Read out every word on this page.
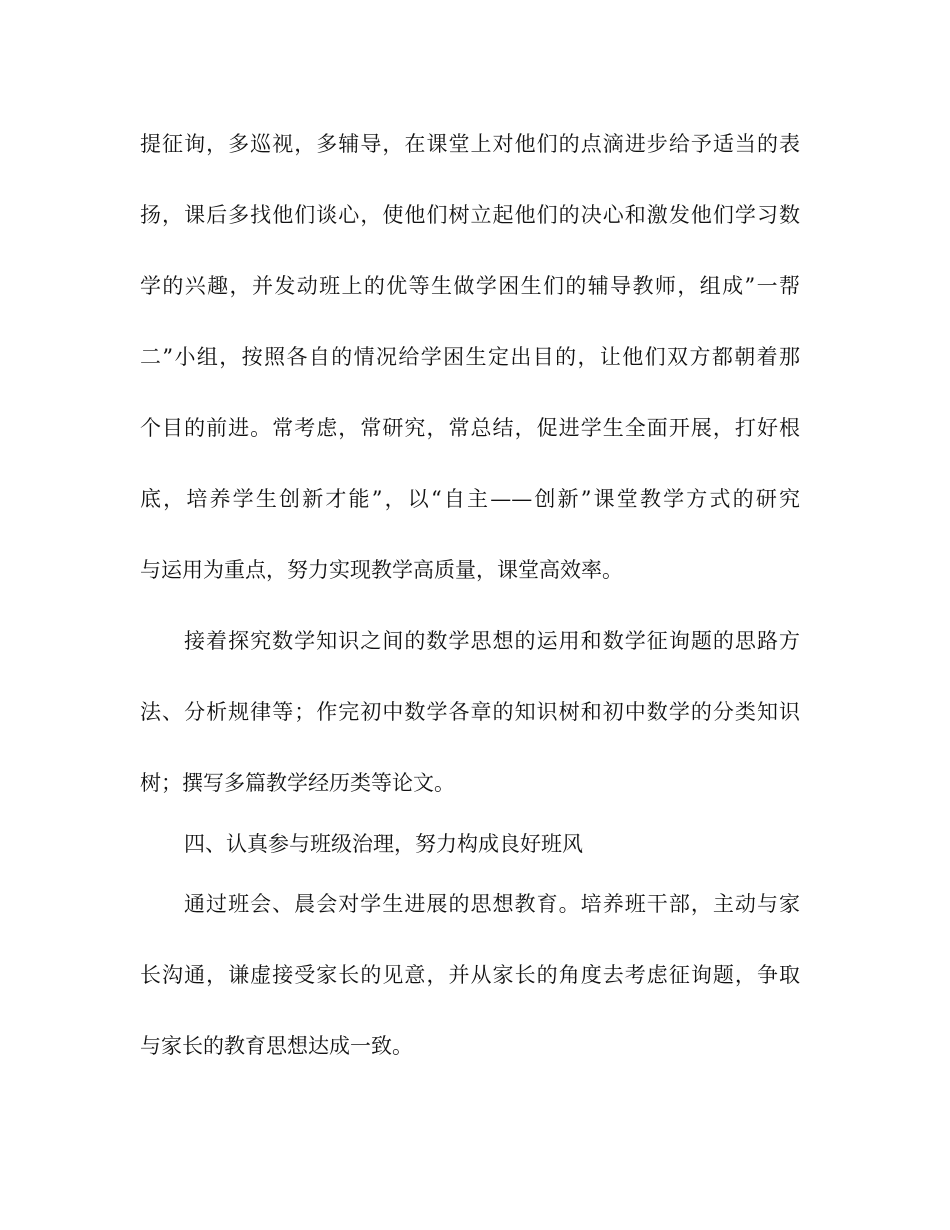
提征询，多巡视，多辅导，在课堂上对他们的点滴进步给予适当的表
扬，课后多找他们谈心，使他们树立起他们的决心和激发他们学习数
学的兴趣，并发动班上的优等生做学困生们的辅导教师，组成”一帮
二”小组，按照各自的情况给学困生定出目的，让他们双方都朝着那
个目的前进。常考虑，常研究，常总结，促进学生全面开展，打好根
底，培养学生创新才能”，以“自主——创新”课堂教学方式的研究
与运用为重点，努力实现教学高质量，课堂高效率。
接着探究数学知识之间的数学思想的运用和数学征询题的思路方
法、分析规律等；作完初中数学各章的知识树和初中数学的分类知识
树；撰写多篇教学经历类等论文。
四、认真参与班级治理，努力构成良好班风
通过班会、晨会对学生进展的思想教育。培养班干部，主动与家
长沟通，谦虚接受家长的见意，并从家长的角度去考虑征询题，争取
与家长的教育思想达成一致。
